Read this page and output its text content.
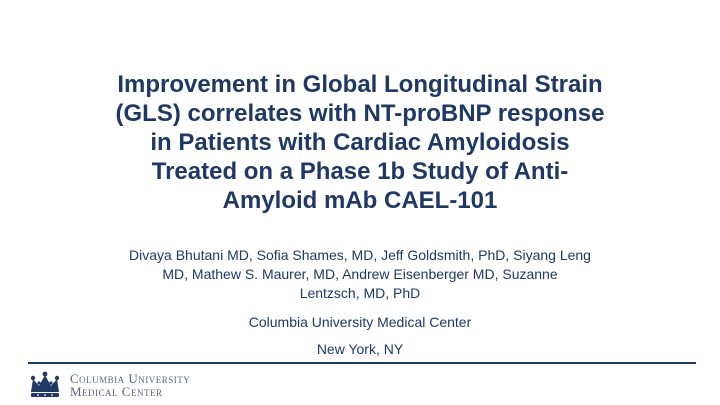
Improvement in Global Longitudinal Strain
(GLS) correlates with NT-proBNP response
in Patients with Cardiac Amyloidosis
Treated on a Phase 1b Study of Anti-
Amyloid mAb CAEL-101

Divaya Bhutani MD, Sofia Shames, MD, Jeff Goldsmith, PhD, Siyang Leng
MD, Mathew S. Maurer, MD, Andrew Eisenberger MD, Suzanne
Lentzsch, MD, PhD

Columbia University Medical Center

New York, NY

Columbia University
Medical Center
